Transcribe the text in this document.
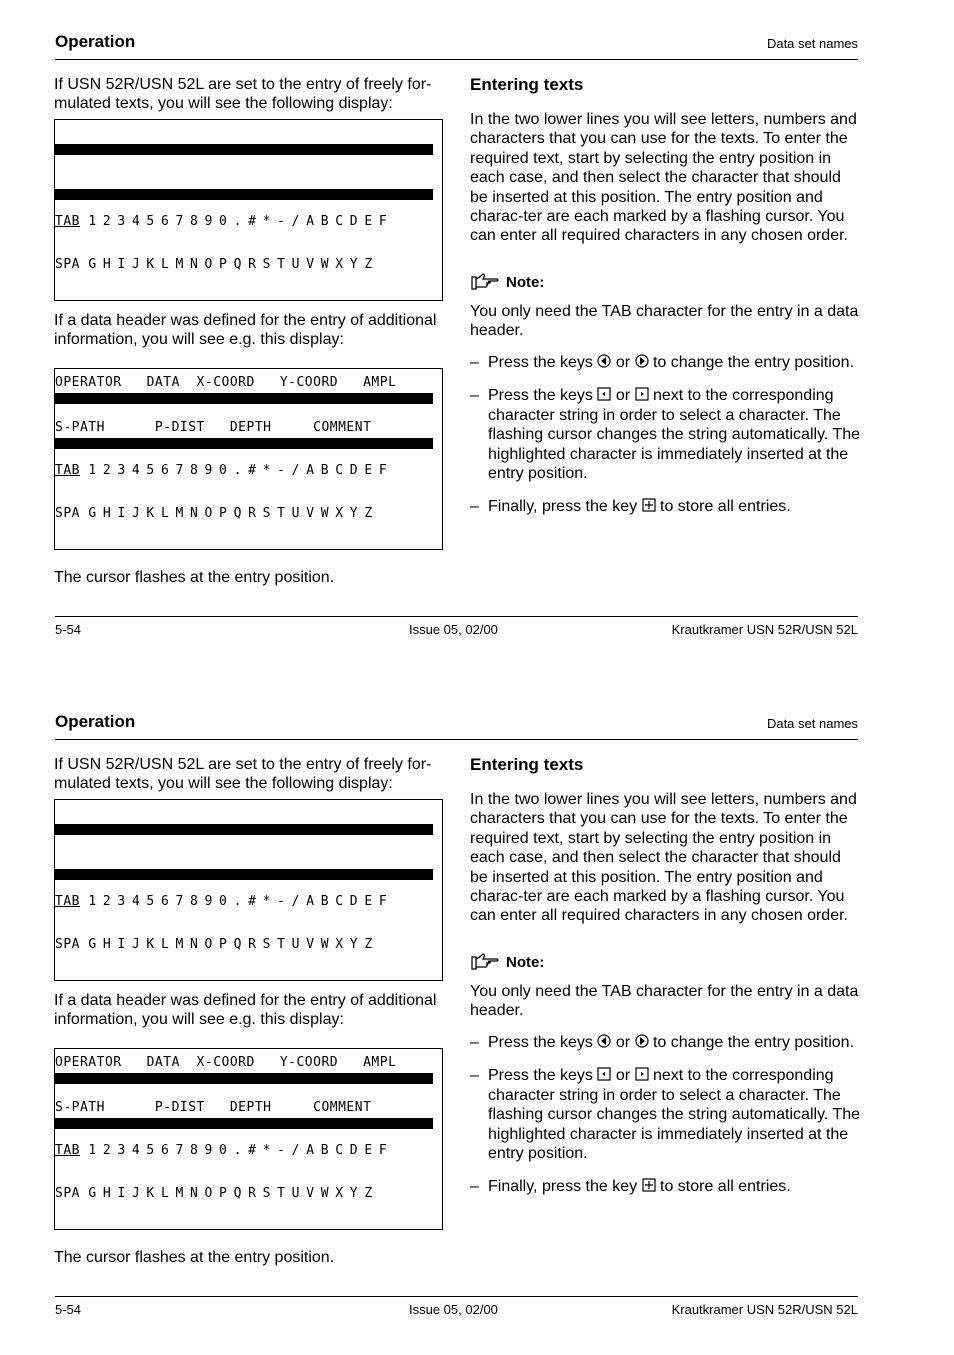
Operation	Data set names

If USN 52R/USN 52L are set to the entry of freely for-mulated texts, you will see the following display:

TAB 1234567890.#*-/ABCDEF
SPA GHIJKLMNOPQRSTUVWXYZ

If a data header was defined for the entry of additional information, you will see e.g. this display:

OPERATOR   DATA  X-COORD   Y-COORD   AMPL
S-PATH      P-DIST   DEPTH     COMMENT
TAB 1234567890.#*-/ABCDEF
SPA GHIJKLMNOPQRSTUVWXYZ

The cursor flashes at the entry position.

Entering texts

In the two lower lines you will see letters, numbers and characters that you can use for the texts. To enter the required text, start by selecting the entry position in each case, and then select the character that should be inserted at this position. The entry position and charac-ter are each marked by a flashing cursor. You can enter all required characters in any chosen order.

Note:

You only need the TAB character for the entry in a data header.

– Press the keys or to change the entry position.
– Press the keys or next to the corresponding character string in order to select a character. The flashing cursor changes the string automatically. The highlighted character is immediately inserted at the entry position.
– Finally, press the key to store all entries.
5-54	Issue 05, 02/00	Krautkramer USN 52R/USN 52L
Operation	Data set names

If USN 52R/USN 52L are set to the entry of freely for-mulated texts, you will see the following display:

TAB 1234567890.#*-/ABCDEF
SPA GHIJKLMNOPQRSTUVWXYZ

If a data header was defined for the entry of additional information, you will see e.g. this display:

OPERATOR   DATA  X-COORD   Y-COORD   AMPL
S-PATH      P-DIST   DEPTH     COMMENT
TAB 1234567890.#*-/ABCDEF
SPA GHIJKLMNOPQRSTUVWXYZ

The cursor flashes at the entry position.

Entering texts

In the two lower lines you will see letters, numbers and characters that you can use for the texts. To enter the required text, start by selecting the entry position in each case, and then select the character that should be inserted at this position. The entry position and charac-ter are each marked by a flashing cursor. You can enter all required characters in any chosen order.

Note:

You only need the TAB character for the entry in a data header.

– Press the keys or to change the entry position.
– Press the keys or next to the corresponding character string in order to select a character. The flashing cursor changes the string automatically. The highlighted character is immediately inserted at the entry position.
– Finally, press the key to store all entries.
5-54	Issue 05, 02/00	Krautkramer USN 52R/USN 52L
